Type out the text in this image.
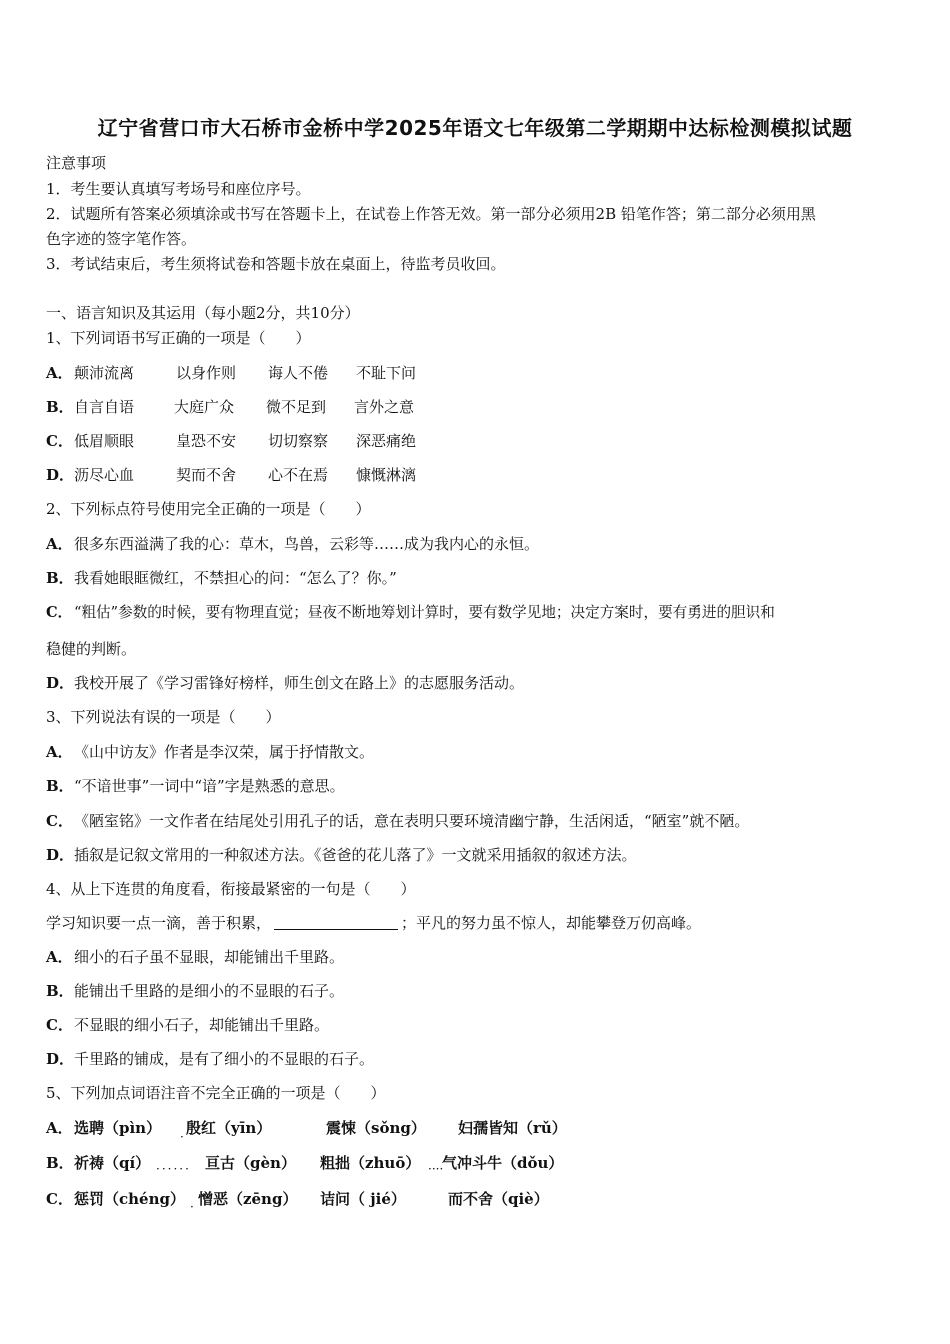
辽宁省营口市大石桥市金桥中学2025年语文七年级第二学期期中达标检测模拟试题
注意事项
1．考生要认真填写考场号和座位序号。
2．试题所有答案必须填涂或书写在答题卡上，在试卷上作答无效。第一部分必须用2B 铅笔作答；第二部分必须用黑
色字迹的签字笔作答。
3．考试结束后，考生须将试卷和答题卡放在桌面上，待监考员收回。
一、语言知识及其运用（每小题2分，共10分）
1、下列词语书写正确的一项是（　　）
A．颠沛流离	以身作则 诲人不倦 不耻下问
B．自言自语	大庭广众 微不足到 言外之意
C．低眉顺眼	皇恐不安 切切察察 深恶痛绝
D．沥尽心血	契而不舍 心不在焉 慷慨淋漓
2、下列标点符号使用完全正确的一项是（　　）
A．很多东西溢满了我的心：草木，鸟兽，云彩等……成为我内心的永恒。
B．我看她眼眶微红，不禁担心的问：“怎么了？你。”
C． “粗估”参数的时候，要有物理直觉；昼夜不断地筹划计算时，要有数学见地；决定方案时，要有勇进的胆识和
稳健的判断。
D．我校开展了《学习雷锋好榜样，师生创文在路上》的志愿服务活动。
3、下列说法有误的一项是（　　）
A．《山中访友》作者是李汉荣，属于抒情散文。
B．“不谙世事”一词中“谙”字是熟悉的意思。
C．《陋室铭》一文作者在结尾处引用孔子的话，意在表明只要环境清幽宁静，生活闲适，“陋室”就不陋。
D．插叙是记叙文常用的一种叙述方法。《爸爸的花儿落了》一文就采用插叙的叙述方法。
4、从上下连贯的角度看，衔接最紧密的一句是（　　）
学习知识要一点一滴，善于积累，	；平凡的努力虽不惊人，却能攀登万仞高峰。
A．细小的石子虽不显眼，却能铺出千里路。
B．能铺出千里路的是细小的不显眼的石子。
C．不显眼的细小石子，却能铺出千里路。
D．千里路的铺成，是有了细小的不显眼的石子。
5、下列加点词语注音不完全正确的一项是（　　）
A． 选聘（pìn） 殷红（yīn）	震悚（sǒng） 妇孺皆知（rǔ）
·
B． 祈祷（qí） ······ 亘古（gèn） 粗拙（zhuō） ····
气冲斗牛（dǒu）
C． 惩罚（chéng） · 憎恶（zēng） 诘问（ jié）	而不舍（qiè）
